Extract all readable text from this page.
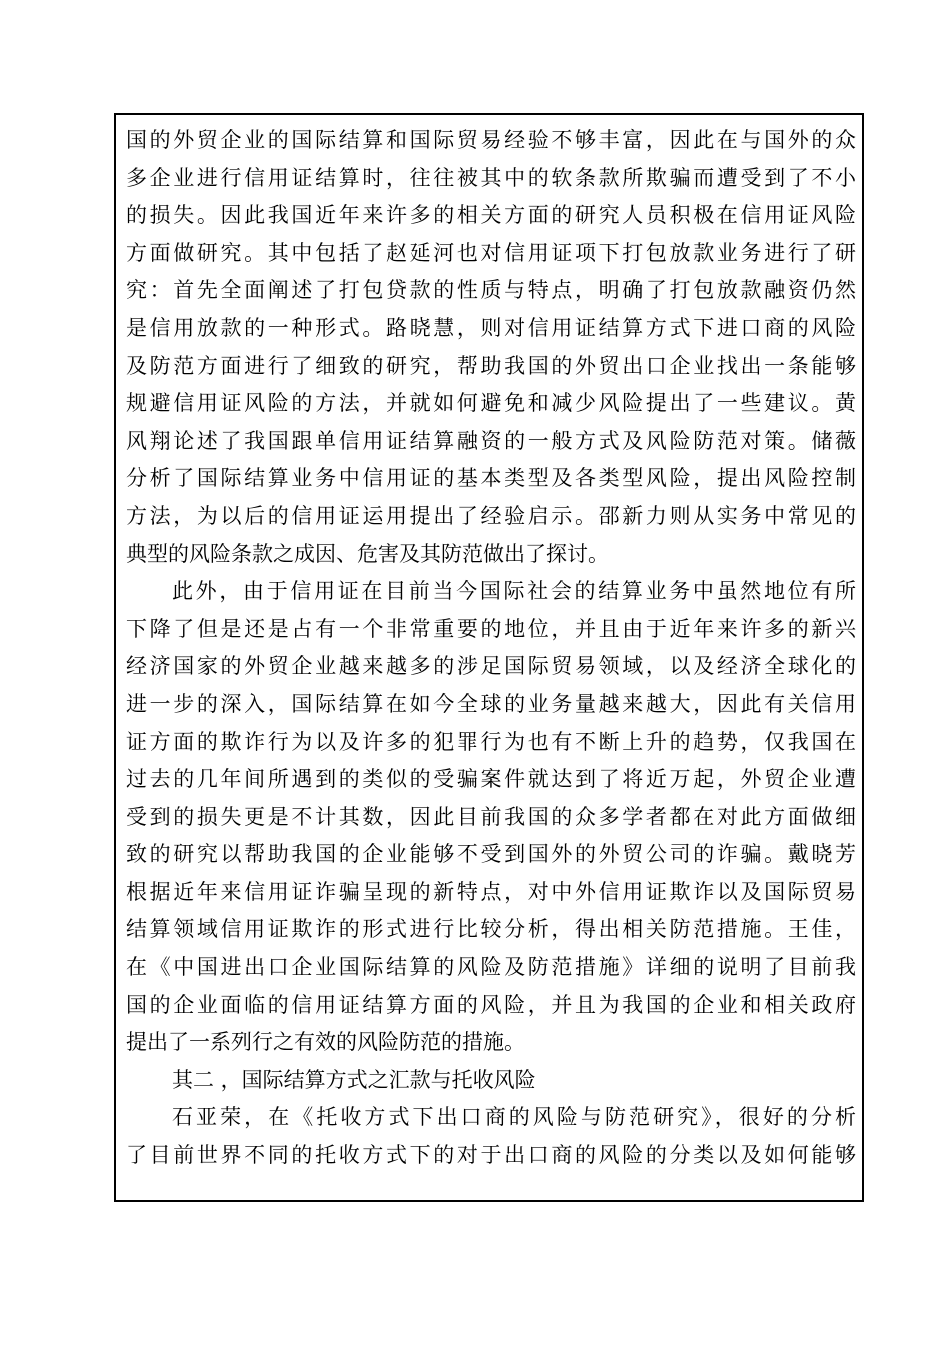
国的外贸企业的国际结算和国际贸易经验不够丰富，因此在与国外的众
多企业进行信用证结算时，往往被其中的软条款所欺骗而遭受到了不小
的损失。因此我国近年来许多的相关方面的研究人员积极在信用证风险
方面做研究。其中包括了赵延河也对信用证项下打包放款业务进行了研
究：首先全面阐述了打包贷款的性质与特点，明确了打包放款融资仍然
是信用放款的一种形式。路晓慧，则对信用证结算方式下进口商的风险
及防范方面进行了细致的研究，帮助我国的外贸出口企业找出一条能够
规避信用证风险的方法，并就如何避免和减少风险提出了一些建议。黄
风翔论述了我国跟单信用证结算融资的一般方式及风险防范对策。储薇
分析了国际结算业务中信用证的基本类型及各类型风险，提出风险控制
方法，为以后的信用证运用提出了经验启示。邵新力则从实务中常见的
典型的风险条款之成因、危害及其防范做出了探讨。
此外，由于信用证在目前当今国际社会的结算业务中虽然地位有所
下降了但是还是占有一个非常重要的地位，并且由于近年来许多的新兴
经济国家的外贸企业越来越多的涉足国际贸易领域，以及经济全球化的
进一步的深入，国际结算在如今全球的业务量越来越大，因此有关信用
证方面的欺诈行为以及许多的犯罪行为也有不断上升的趋势，仅我国在
过去的几年间所遇到的类似的受骗案件就达到了将近万起，外贸企业遭
受到的损失更是不计其数，因此目前我国的众多学者都在对此方面做细
致的研究以帮助我国的企业能够不受到国外的外贸公司的诈骗。戴晓芳
根据近年来信用证诈骗呈现的新特点，对中外信用证欺诈以及国际贸易
结算领域信用证欺诈的形式进行比较分析，得出相关防范措施。王佳，
在《中国进出口企业国际结算的风险及防范措施》详细的说明了目前我
国的企业面临的信用证结算方面的风险，并且为我国的企业和相关政府
提出了一系列行之有效的风险防范的措施。
其二 ，国际结算方式之汇款与托收风险
石亚荣，在《托收方式下出口商的风险与防范研究》，很好的分析
了目前世界不同的托收方式下的对于出口商的风险的分类以及如何能够
